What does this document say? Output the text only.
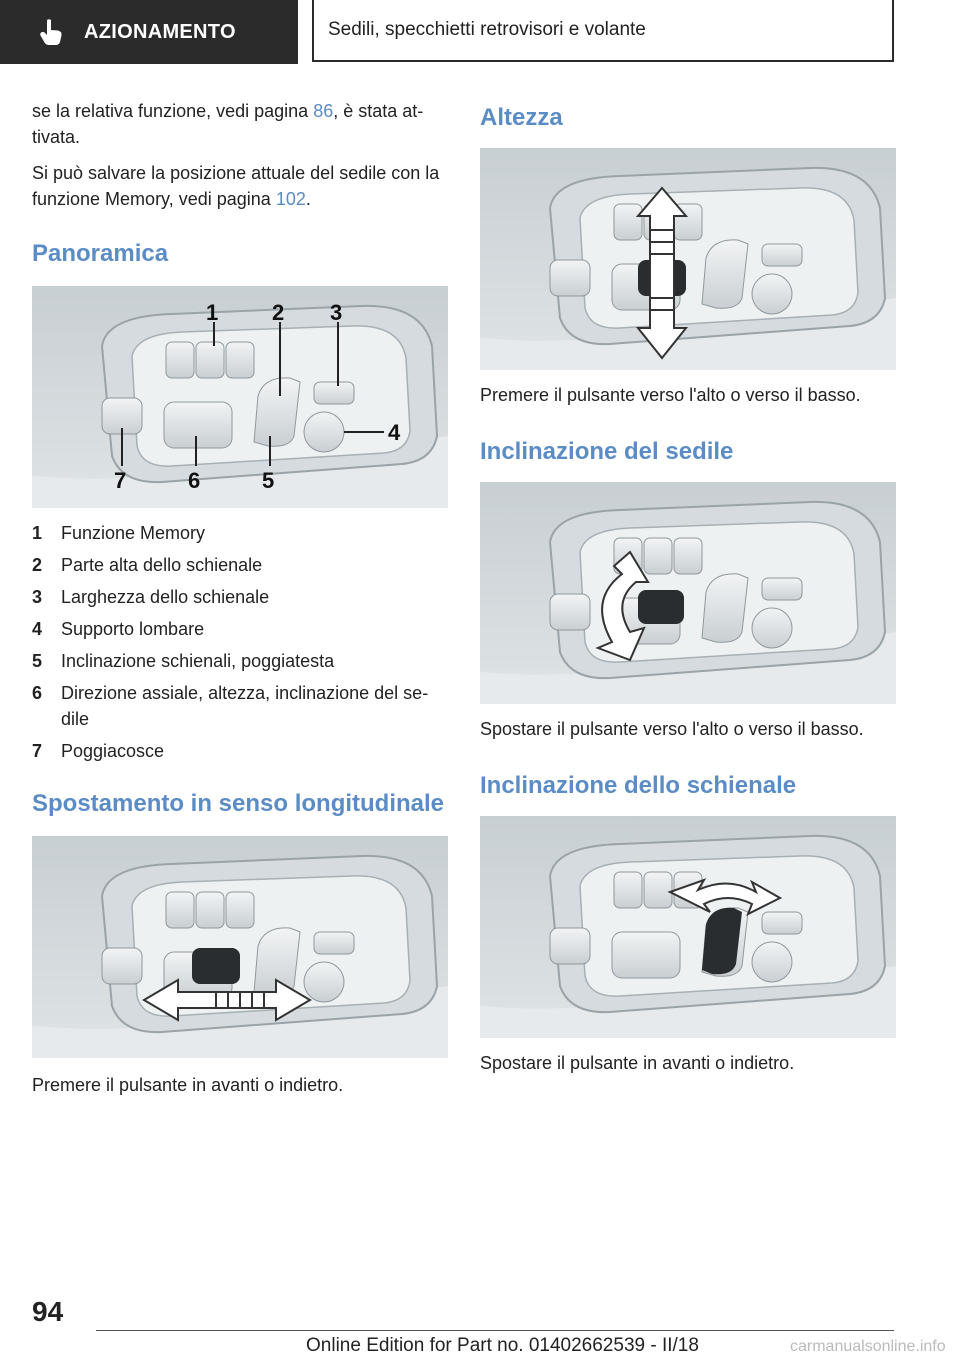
AZIONAMENTO	Sedili, specchietti retrovisori e volante

se la relativa funzione, vedi pagina 86, è stata at‐ tivata.

Si può salvare la posizione attuale del sedile con la funzione Memory, vedi pagina 102.

Panoramica
1 2 3
4
5
6
7
1	Funzione Memory
2	Parte alta dello schienale
3	Larghezza dello schienale
4	Supporto lombare
5	Inclinazione schienali, poggiatesta
6	Direzione assiale, altezza, inclinazione del se‐ dile
7	Poggiacosce
Spostamento in senso longitudinale

Premere il pulsante in avanti o indietro.

Altezza

Premere il pulsante verso l'alto o verso il basso.

Inclinazione del sedile

Spostare il pulsante verso l'alto o verso il basso.

Inclinazione dello schienale

Spostare il pulsante in avanti o indietro.

94
Online Edition for Part no. 01402662539 - II/18	carmanualsonline.info
